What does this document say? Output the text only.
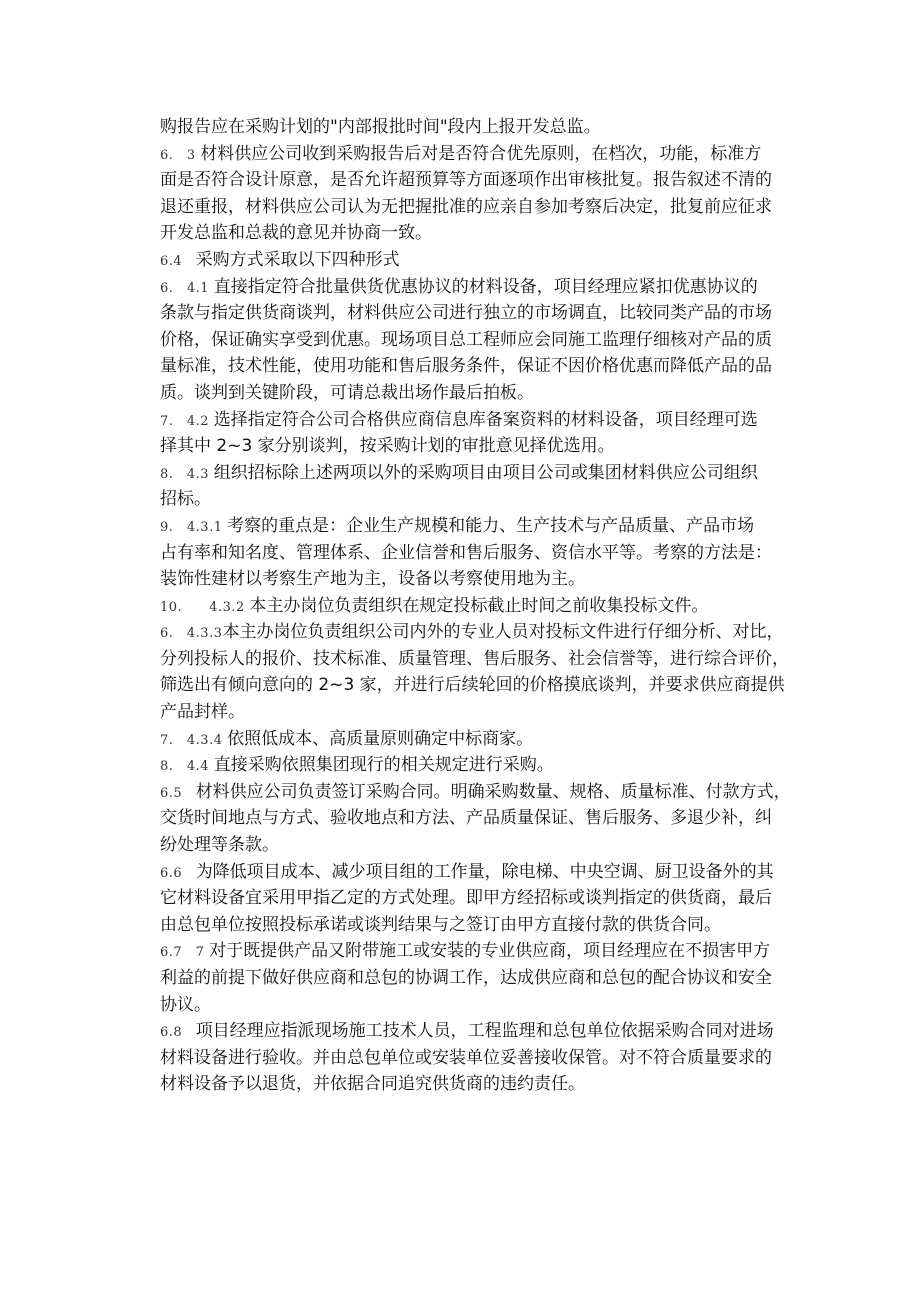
购报告应在采购计划的"内部报批时间"段内上报开发总监。
6.　3 材料供应公司收到采购报告后对是否符合优先原则，在档次，功能，标准方
面是否符合设计原意，是否允许超预算等方面逐项作出审核批复。报告叙述不清的
退还重报，材料供应公司认为无把握批准的应亲自参加考察后决定，批复前应征求
开发总监和总裁的意见并协商一致。
6.4　采购方式采取以下四种形式
6.　4.1 直接指定符合批量供货优惠协议的材料设备，项目经理应紧扣优惠协议的
条款与指定供货商谈判，材料供应公司进行独立的市场调直，比较同类产品的市场
价格，保证确实享受到优惠。现场项目总工程师应会同施工监理仔细核对产品的质
量标准，技术性能，使用功能和售后服务条件，保证不因价格优惠而降低产品的品
质。谈判到关键阶段，可请总裁出场作最后拍板。
7.　4.2 选择指定符合公司合格供应商信息库备案资料的材料设备，项目经理可选
择其中 2~3 家分别谈判，按采购计划的审批意见择优选用。
8.　4.3 组织招标除上述两项以外的采购项目由项目公司或集团材料供应公司组织
招标。
9.　4.3.1 考察的重点是：企业生产规模和能力、生产技术与产品质量、产品市场
占有率和知名度、管理体系、企业信誉和售后服务、资信水平等。考察的方法是：
装饰性建材以考察生产地为主，设备以考察使用地为主。
10.　　4.3.2 本主办岗位负责组织在规定投标截止时间之前收集投标文件。
6.　4.3.3本主办岗位负责组织公司内外的专业人员对投标文件进行仔细分析、对比，
分列投标人的报价、技术标准、质量管理、售后服务、社会信誉等，进行综合评价，
筛选出有倾向意向的 2~3 家，并进行后续轮回的价格摸底谈判，并要求供应商提供
产品封样。
7.　4.3.4 依照低成本、高质量原则确定中标商家。
8.　4.4 直接采购依照集团现行的相关规定进行采购。
6.5　材料供应公司负责签订采购合同。明确采购数量、规格、质量标准、付款方式，
交货时间地点与方式、验收地点和方法、产品质量保证、售后服务、多退少补，纠
纷处理等条款。
6.6　为降低项目成本、减少项目组的工作量，除电梯、中央空调、厨卫设备外的其
它材料设备宜采用甲指乙定的方式处理。即甲方经招标或谈判指定的供货商，最后
由总包单位按照投标承诺或谈判结果与之签订由甲方直接付款的供货合同。
6.7　7 对于既提供产品又附带施工或安装的专业供应商，项目经理应在不损害甲方
利益的前提下做好供应商和总包的协调工作，达成供应商和总包的配合协议和安全
协议。
6.8　项目经理应指派现场施工技术人员，工程监理和总包单位依据采购合同对进场
材料设备进行验收。并由总包单位或安装单位妥善接收保管。对不符合质量要求的
材料设备予以退货，并依据合同追究供货商的违约责任。
